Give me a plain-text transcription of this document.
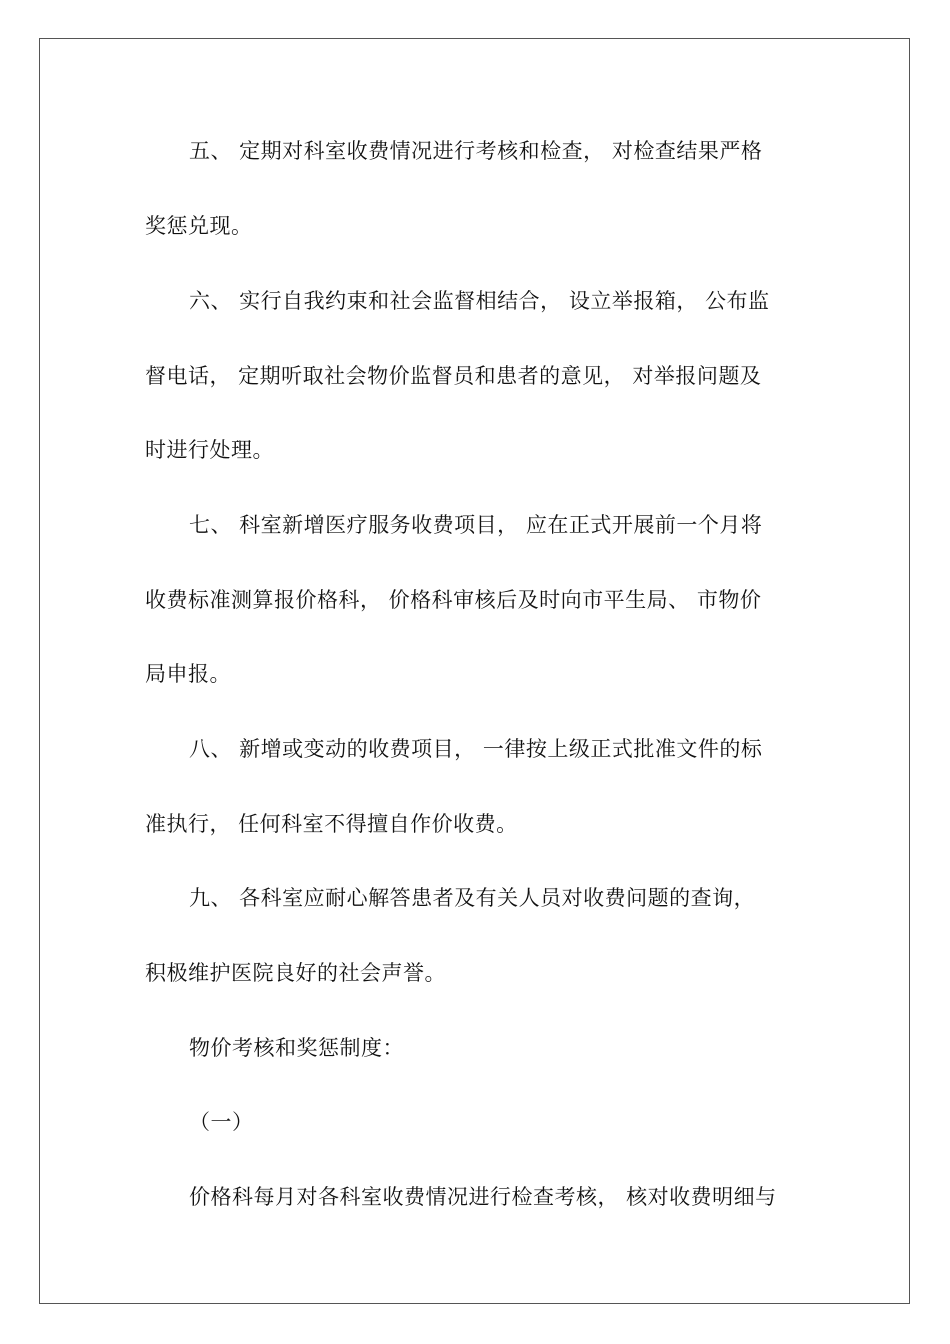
五、 定期对科室收费情况进行考核和检查， 对检查结果严格
奖惩兑现。
六、 实行自我约束和社会监督相结合， 设立举报箱， 公布监
督电话， 定期听取社会物价监督员和患者的意见， 对举报问题及
时进行处理。
七、 科室新增医疗服务收费项目， 应在正式开展前一个月将
收费标准测算报价格科， 价格科审核后及时向市平生局、 市物价
局申报。
八、 新增或变动的收费项目， 一律按上级正式批准文件的标
准执行， 任何科室不得擅自作价收费。
九、 各科室应耐心解答患者及有关人员对收费问题的查询，
积极维护医院良好的社会声誉。
物价考核和奖惩制度：
（一）
价格科每月对各科室收费情况进行检查考核， 核对收费明细与
